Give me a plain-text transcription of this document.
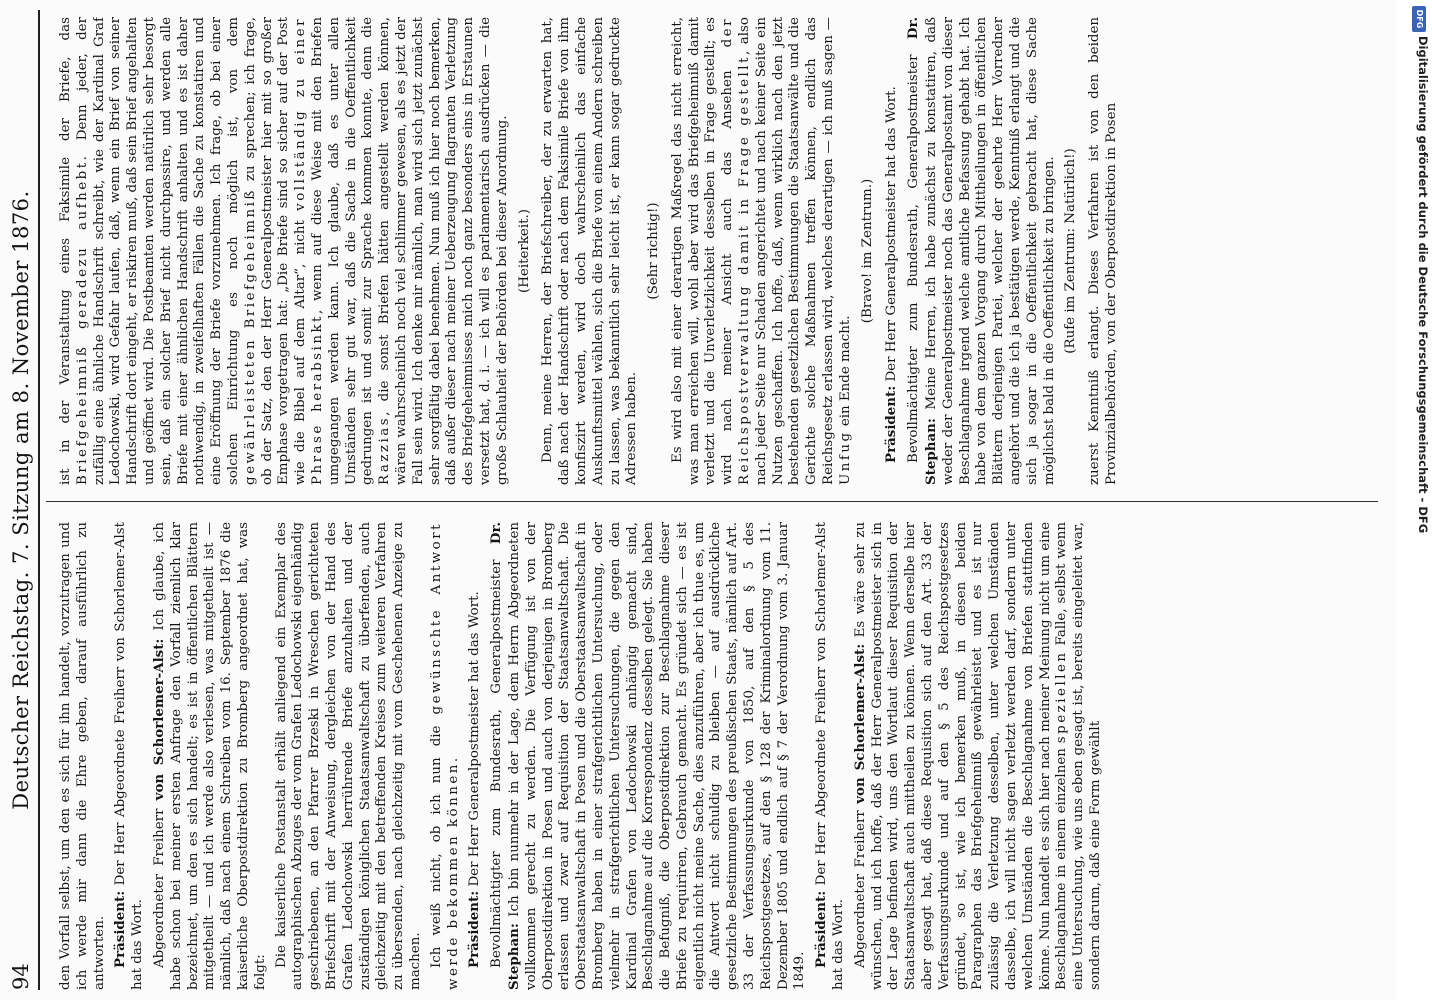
94
Deutscher Reichstag. 7. Sitzung am 8. November 1876.	den Vorfall selbst, um den es sich für ihn handelt, vorzutragen und ich werde mir dann die Ehre geben, darauf ausführlich zu antworten. Präsident: Der Herr Abgeordnete Freiherr von Schorlemer-Alst hat das Wort. Abgeordneter Freiherr von Schorlemer-Alst: Ich glaube, ich habe schon bei meiner ersten Anfrage den Vorfall ziemlich klar bezeichnet, um den es sich handelt; es ist in öffentlichen Blättern mitgetheilt — und ich werde also verlesen, was mitgetheilt ist — nämlich, daß nach einem Schreiben vom 16. September 1876 die kaiserliche Oberpostdirektion zu Bromberg angeordnet hat, was folgt:

Die kaiserliche Postanstalt erhält anliegend ein Exemplar des autographischen Abzuges der vom Grafen Ledochowski eigenhändig geschriebenen, an den Pfarrer Brzeski in Wreschen gerichteten Briefschrift mit der Anweisung, dergleichen von der Hand des Grafen Ledochowski herrührende Briefe anzuhalten und der zuständigen königlichen Staatsanwaltschaft zu überfenden, auch gleichzeitig mit den betreffenden Kreises zum weiteren Verfahren zu übersenden, nach gleichzeitig mit vom Geschehenen Anzeige zu machen. Ich weiß nicht, ob ich nun die gewünschte Antwort werde bekommen können. Präsident: Der Herr Generalpostmeister hat das Wort. Bevollmächtigter zum Bundesrath, Generalpostmeister Dr. Stephan: Ich bin nunmehr in der Lage, dem Herrn Abgeordneten vollkommen gerecht zu werden. Die Verfügung ist von der Oberpostdirektion in Posen und auch von derjenigen in Bromberg erlassen und zwar auf Requisition der Staatsanwaltschaft. Die Oberstaatsanwaltschaft in Posen und die Oberstaatsanwaltschaft in Bromberg haben in einer strafgerichtlichen Untersuchung, oder vielmehr in strafgerichtlichen Untersuchungen, die gegen den Kardinal Grafen von Ledochowski anhängig gemacht sind, Beschlagnahme auf die Korrespondenz desselben gelegt. Sie haben die Befugniß, die Oberpostdirektion zur Beschlagnahme dieser Briefe zu requiriren, Gebrauch gemacht. Es gründet sich — es ist eigentlich nicht meine Sache, dies anzuführen, aber ich thue es, um die Antwort nicht schuldig zu bleiben — auf ausdrückliche gesetzliche Bestimmungen des preußischen Staats, nämlich auf Art. 33 der Verfassungsurkunde von 1850, auf den § 5 des Reichspostgesetzes, auf den § 128 der Kriminalordnung vom 11. Dezember 1805 und endlich auf § 7 der Verordnung vom 3. Januar 1849.

Präsident: Der Herr Abgeordnete Freiherr von Schorlemer-Alst hat das Wort. Abgeordneter Freiherr von Schorlemer-Alst: Es wäre sehr zu wünschen, und ich hoffe, daß der Herr Generalpostmeister sich in der Lage befinden wird, uns den Wortlaut dieser Requisition der Staatsanwaltschaft auch mittheilen zu können. Wenn derselbe hier aber gesagt hat, daß diese Requisition sich auf den Art. 33 der Verfassungsurkunde und auf den § 5 des Reichspostgesetzes gründet, so ist, wie ich bemerken muß, in diesen beiden Paragraphen das Briefgeheimniß gewährleistet und es ist nur zulässig die Verletzung desselben, unter welchen Umständen dasselbe, ich will nicht sagen verletzt werden darf, sondern unter welchen Umständen die Beschlagnahme von Briefen stattfinden könne. Nun handelt es sich hier nach meiner Meinung nicht um eine Beschlagnahme in einem einzelnen speziellen Falle, selbst wenn eine Untersuchung, wie uns eben gesagt ist, bereits eingeleitet war, sondern darum, daß eine Form gewählt

ist in der Veranstaltung eines Faksimile der Briefe, das Briefgeheimniß geradezu aufhebt. Denn jeder, der zufällig eine ähnliche Handschrift schreibt, wie der Kardinal Graf Ledochowski, wird Gefahr laufen, daß, wenn ein Brief von seiner Handschrift dort eingeht, er riskiren muß, daß sein Brief angehalten und geöffnet wird. Die Postbeamten werden natürlich sehr besorgt sein, daß ein solcher Brief nicht durchpassire, und werden alle Briefe mit einer ähnlichen Handschrift anhalten und es ist daher nothwendig, in zweifelhaften Fällen die Sache zu konstatiren und eine Eröffnung der Briefe vorzunehmen. Ich frage, ob bei einer solchen Einrichtung es noch möglich ist, von dem gewährleisteten Briefgeheimniß zu sprechen; ich frage, ob der Satz, den der Herr Generalpostmeister hier mit so großer Emphase vorgetragen hat: „Die Briefe sind so sicher auf der Post wie die Bibel auf dem Altar“, nicht vollständig zu einer Phrase herabsinkt, wenn auf diese Weise mit den Briefen umgegangen werden kann. Ich glaube, daß es unter allen Umständen sehr gut war, daß die Sache in die Oeffentlichkeit gedrungen ist und somit zur Sprache kommen konnte, denn die Razzias, die sonst Briefen hätten angestellt werden können, wären wahrscheinlich noch viel schlimmer gewesen, als es jetzt der Fall sein wird. Ich denke mir nämlich, man wird sich jetzt zunächst sehr sorgfältig dabei benehmen. Nun muß ich hier noch bemerken, daß außer dieser nach meiner Ueberzeugung flagranten Verletzung des Briefgeheimnisses mich noch ganz besonders eins in Erstaunen versetzt hat, d. i. — ich will es parlamentarisch ausdrücken — die große Schlauheit der Behörden bei dieser Anordnung. (Heiterkeit.) Denn, meine Herren, der Briefschreiber, der zu erwarten hat, daß nach der Handschrift oder nach dem Faksimile Briefe von ihm konfiszirt werden, wird doch wahrscheinlich das einfache Auskunftsmittel wählen, sich die Briefe von einem Andern schreiben zu lassen, was bekanntlich sehr leicht ist, er kann sogar gedruckte Adressen haben.

(Sehr richtig!) Es wird also mit einer derartigen Maßregel das nicht erreicht, was man erreichen will, wohl aber wird das Briefgeheimniß damit verletzt und die Unverletzlichkeit desselben in Frage gestellt; es wird nach meiner Ansicht auch das Ansehen der Reichspostverwaltung damit in Frage gestellt, also nach jeder Seite nur Schaden angerichtet und nach keiner Seite ein Nutzen geschaffen. Ich hoffe, daß, wenn wirklich nach den jetzt bestehenden gesetzlichen Bestimmungen die Staatsanwälte und die Gerichte solche Maßnahmen treffen können, endlich das Reichsgesetz erlassen wird, welches derartigen — ich muß sagen — Unfug ein Ende macht.

(Bravo! im Zentrum.)

Präsident: Der Herr Generalpostmeister hat das Wort. Bevollmächtigter zum Bundesrath, Generalpostmeister Dr. Stephan: Meine Herren, ich habe zunächst zu konstatiren, daß weder der Generalpostmeister noch das Generalpostamt von dieser Beschlagnahme irgend welche amtliche Befassung gehabt hat. Ich habe von dem ganzen Vorgang durch Mittheilungen in öffentlichen Blättern derjenigen Partei, welcher der geehrte Herr Vorredner angehört und die ich ja bestätigen werde, Kenntniß erlangt und die sich ja sogar in die Oeffentlichkeit gebracht hat, diese Sache möglichst bald in die Oeffentlichkeit zu bringen. (Rufe im Zentrum: Natürlich!) zuerst Kenntniß erlangt. Dieses Verfahren ist von den beiden Provinzialbehörden, von der Oberpostdirektion in Posen

DFG
Digitalisierung gefördert durch die Deutsche Forschungsgemeinschaft - DFG
